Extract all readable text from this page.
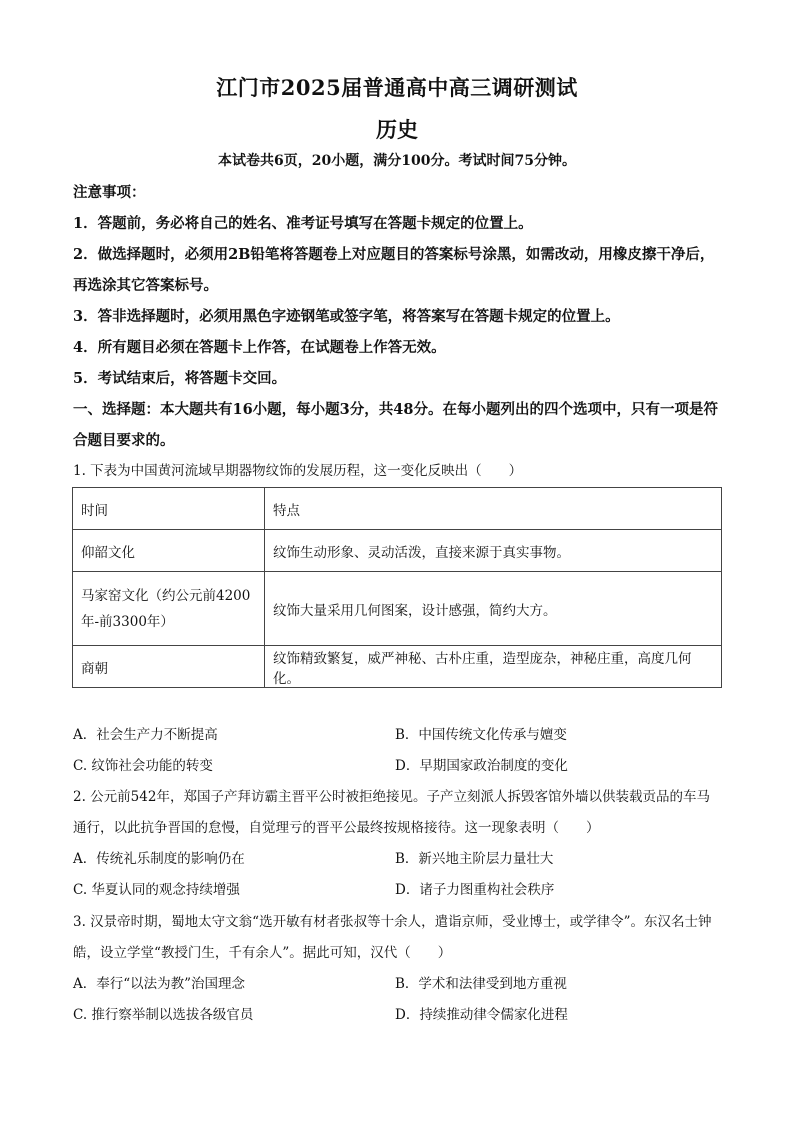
江门市2025届普通高中高三调研测试
历史
本试卷共6页，20小题，满分100分。考试时间75分钟。
注意事项：

1．答题前，务必将自己的姓名、准考证号填写在答题卡规定的位置上。

2．做选择题时，必须用2B铅笔将答题卷上对应题目的答案标号涂黑，如需改动，用橡皮擦干净后，再选涂其它答案标号。

3．答非选择题时，必须用黑色字迹钢笔或签字笔，将答案写在答题卡规定的位置上。

4．所有题目必须在答题卡上作答，在试题卷上作答无效。

5．考试结束后，将答题卡交回。

一、选择题：本大题共有16小题，每小题3分，共48分。在每小题列出的四个选项中，只有一项是符合题目要求的。
1. 下表为中国黄河流域早期器物纹饰的发展历程，这一变化反映出（　　）
时间	特点
仰韶文化	纹饰生动形象、灵动活泼，直接来源于真实事物。
马家窑文化（约公元前4200年-前3300年）	纹饰大量采用几何图案，设计感强，简约大方。
商朝	纹饰精致繁复，威严神秘、古朴庄重，造型庞杂，神秘庄重，高度几何化。
A．社会生产力不断提高	B．中国传统文化传承与嬗变
C. 纹饰社会功能的转变	D．早期国家政治制度的变化
2. 公元前542年，郑国子产拜访霸主晋平公时被拒绝接见。子产立刻派人拆毁客馆外墙以供装载贡品的车马通行，以此抗争晋国的怠慢，自觉理亏的晋平公最终按规格接待。这一现象表明（　　）
A．传统礼乐制度的影响仍在	B．新兴地主阶层力量壮大
C. 华夏认同的观念持续增强	D．诸子力图重构社会秩序
3. 汉景帝时期，蜀地太守文翁“选开敏有材者张叔等十余人，遣诣京师，受业博士，或学律令”。东汉名士钟皓，设立学堂“教授门生，千有余人”。据此可知，汉代（　　）
A．奉行“以法为教”治国理念	B．学术和法律受到地方重视
C. 推行察举制以选拔各级官员	D．持续推动律令儒家化进程
